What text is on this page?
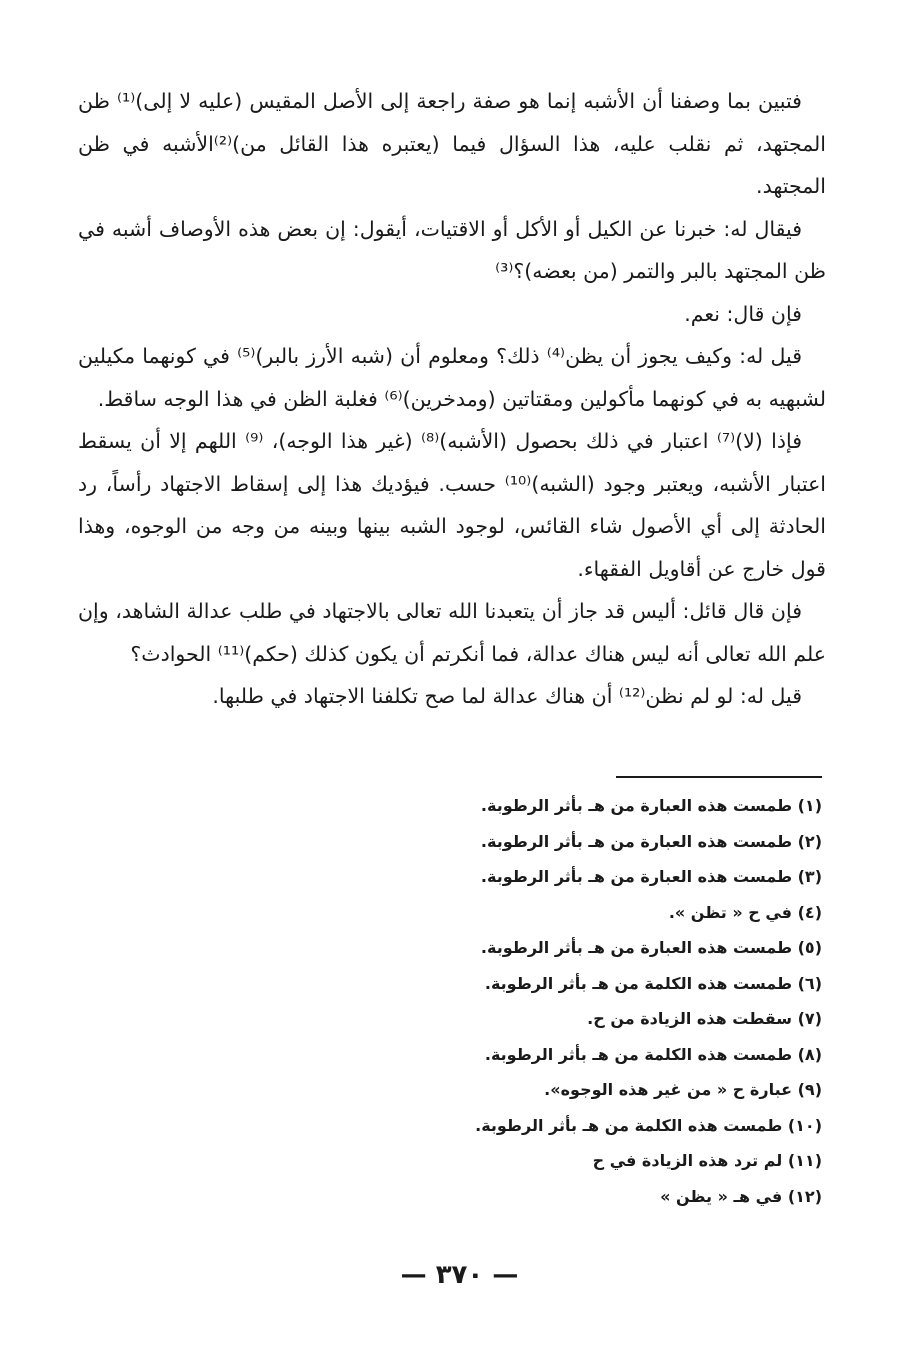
فتبين بما وصفنا أن الأشبه إنما هو صفة راجعة إلى الأصل المقيس (عليه لا إلى)⁽¹⁾ ظن المجتهد، ثم نقلب عليه، هذا السؤال فيما (يعتبره هذا القائل من)⁽²⁾الأشبه في ظن المجتهد.

فيقال له: خبرنا عن الكيل أو الأكل أو الاقتيات، أيقول: إن بعض هذه الأوصاف أشبه في ظن المجتهد بالبر والتمر (من بعضه)؟⁽³⁾

فإن قال: نعم.

قيل له: وكيف يجوز أن يظن⁽⁴⁾ ذلك؟ ومعلوم أن (شبه الأرز بالبر)⁽⁵⁾ في كونهما مكيلين لشبهيه به في كونهما مأكولين ومقتاتين (ومدخرين)⁽⁶⁾ فغلبة الظن في هذا الوجه ساقط.

فإذا (لا)⁽⁷⁾ اعتبار في ذلك بحصول (الأشبه)⁽⁸⁾ (غير هذا الوجه)، ⁽⁹⁾ اللهم إلا أن يسقط اعتبار الأشبه، ويعتبر وجود (الشبه)⁽¹⁰⁾ حسب. فيؤديك هذا إلى إسقاط الاجتهاد رأساً، رد الحادثة إلى أي الأصول شاء القائس، لوجود الشبه بينها وبينه من وجه من الوجوه، وهذا قول خارج عن أقاويل الفقهاء.

فإن قال قائل: أليس قد جاز أن يتعبدنا الله تعالى بالاجتهاد في طلب عدالة الشاهد، وإن علم الله تعالى أنه ليس هناك عدالة، فما أنكرتم أن يكون كذلك (حكم)⁽¹¹⁾ الحوادث؟

قيل له: لو لم نظن⁽¹²⁾ أن هناك عدالة لما صح تكلفنا الاجتهاد في طلبها.

(١) طمست هذه العبارة من هـ بأثر الرطوبة.
(٢) طمست هذه العبارة من هـ بأثر الرطوبة.
(٣) طمست هذه العبارة من هـ بأثر الرطوبة.
(٤) في ح « تظن ».
(٥) طمست هذه العبارة من هـ بأثر الرطوبة.
(٦) طمست هذه الكلمة من هـ بأثر الرطوبة.
(٧) سقطت هذه الزيادة من ح.
(٨) طمست هذه الكلمة من هـ بأثر الرطوبة.
(٩) عبارة ح « من غير هذه الوجوه».
(١٠) طمست هذه الكلمة من هـ بأثر الرطوبة.
(١١) لم ترد هذه الزيادة في ح
(١٢) في هـ « يظن »
— ٣٧٠ —
